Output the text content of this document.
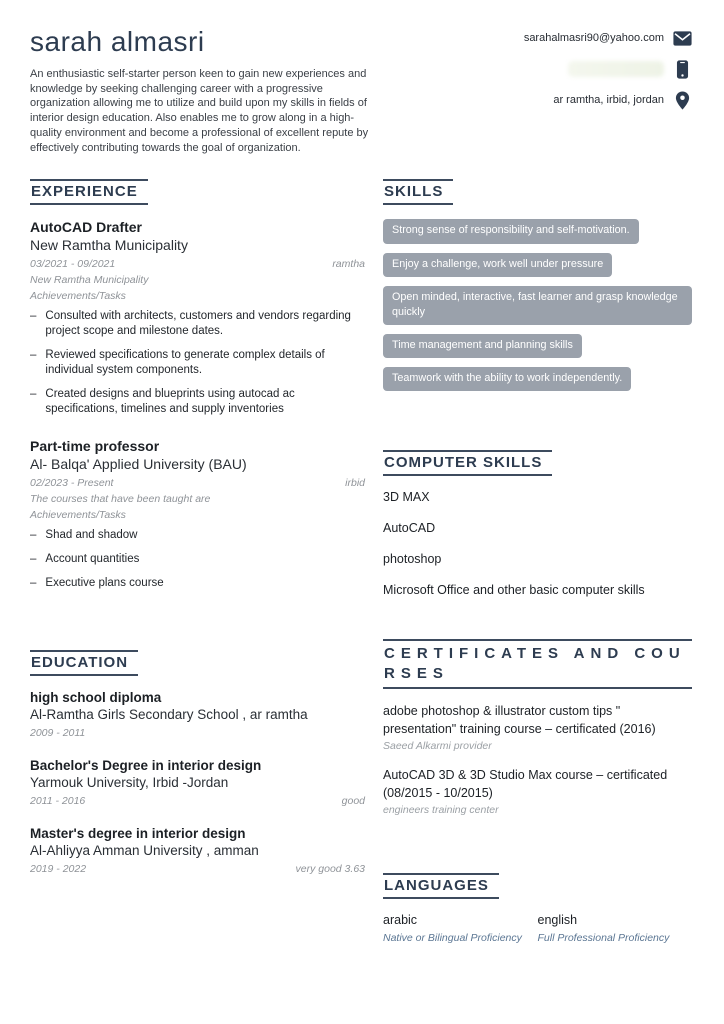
sarah almasri

An enthusiastic self-starter person keen to gain new experiences and knowledge by seeking challenging career with a progressive organization allowing me to utilize and build upon my skills in fields of interior design education. Also enables me to grow along in a high-quality environment and become a professional of excellent repute by effectively contributing towards the goal of organization.

sarahalmasri90@yahoo.com
ar ramtha, irbid, jordan
EXPERIENCE
AutoCAD Drafter
New Ramtha Municipality
03/2021 - 09/2021	ramtha
New Ramtha Municipality
Achievements/Tasks
– Consulted with architects, customers and vendors regarding project scope and milestone dates.
– Reviewed specifications to generate complex details of individual system components.
– Created designs and blueprints using autocad ac specifications, timelines and supply inventories
Part-time professor
Al- Balqa' Applied University (BAU)
02/2023 - Present	irbid
The courses that have been taught are
Achievements/Tasks
– Shad and shadow
– Account quantities
– Executive plans course
EDUCATION
high school diploma
Al-Ramtha Girls Secondary School , ar ramtha
2009 - 2011
Bachelor's Degree in interior design
Yarmouk University, Irbid -Jordan
2011 - 2016	good
Master's degree in interior design
Al-Ahliyya Amman University , amman
2019 - 2022	very good 3.63
SKILLS
Strong sense of responsibility and self-motivation.
Enjoy a challenge, work well under pressure
Open minded, interactive, fast learner and grasp knowledge quickly
Time management and planning skills
Teamwork with the ability to work independently.
COMPUTER SKILLS
3D MAX
AutoCAD
photoshop
Microsoft Office and other basic computer skills
CERTIFICATES AND COURSES
adobe photoshop & illustrator custom tips " presentation" training course – certificated (2016)
Saeed Alkarmi provider
AutoCAD 3D & 3D Studio Max course – certificated (08/2015 - 10/2015)
engineers training center
LANGUAGES
arabic
Native or Bilingual Proficiency
english
Full Professional Proficiency
